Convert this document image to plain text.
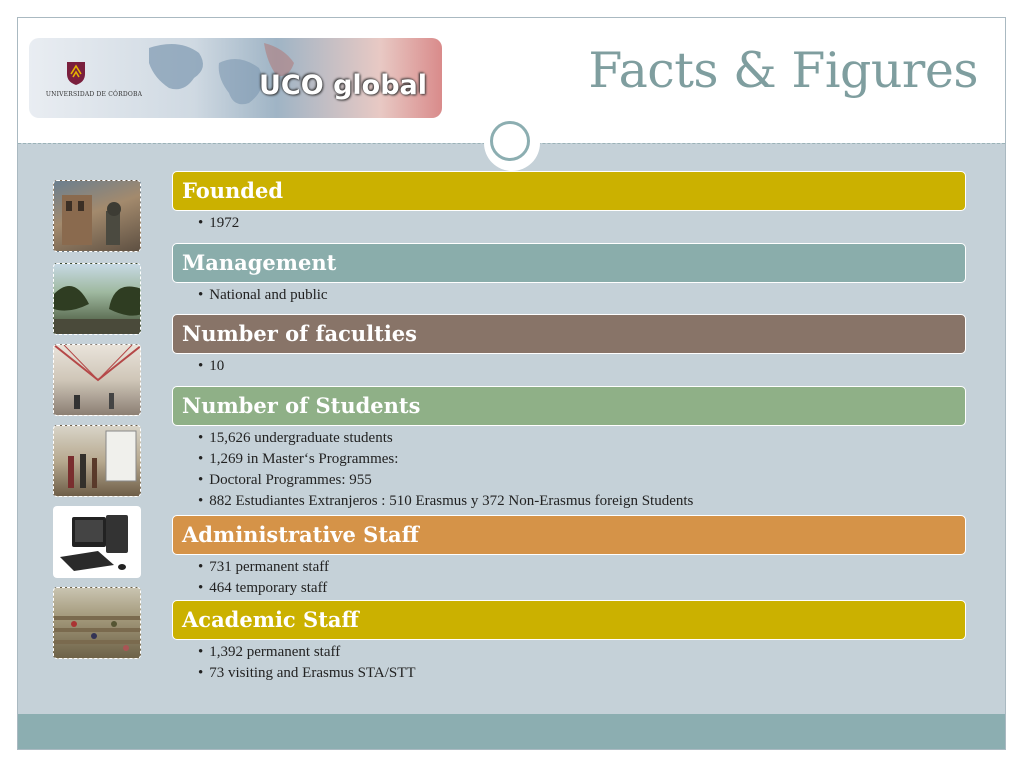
UNIVERSIDAD DE CÓRDOBA	UCO global	Facts & Figures
Founded
• 1972
Management
• National and public
Number of faculties
• 10
Number of Students
• 15,626 undergraduate students
• 1,269 in Master‘s Programmes:
• Doctoral Programmes: 955
• 882 Estudiantes Extranjeros : 510 Erasmus y 372 Non-Erasmus foreign Students
Administrative Staff
• 731 permanent staff
• 464 temporary staff
Academic Staff
• 1,392 permanent staff
• 73 visiting and Erasmus STA/STT
